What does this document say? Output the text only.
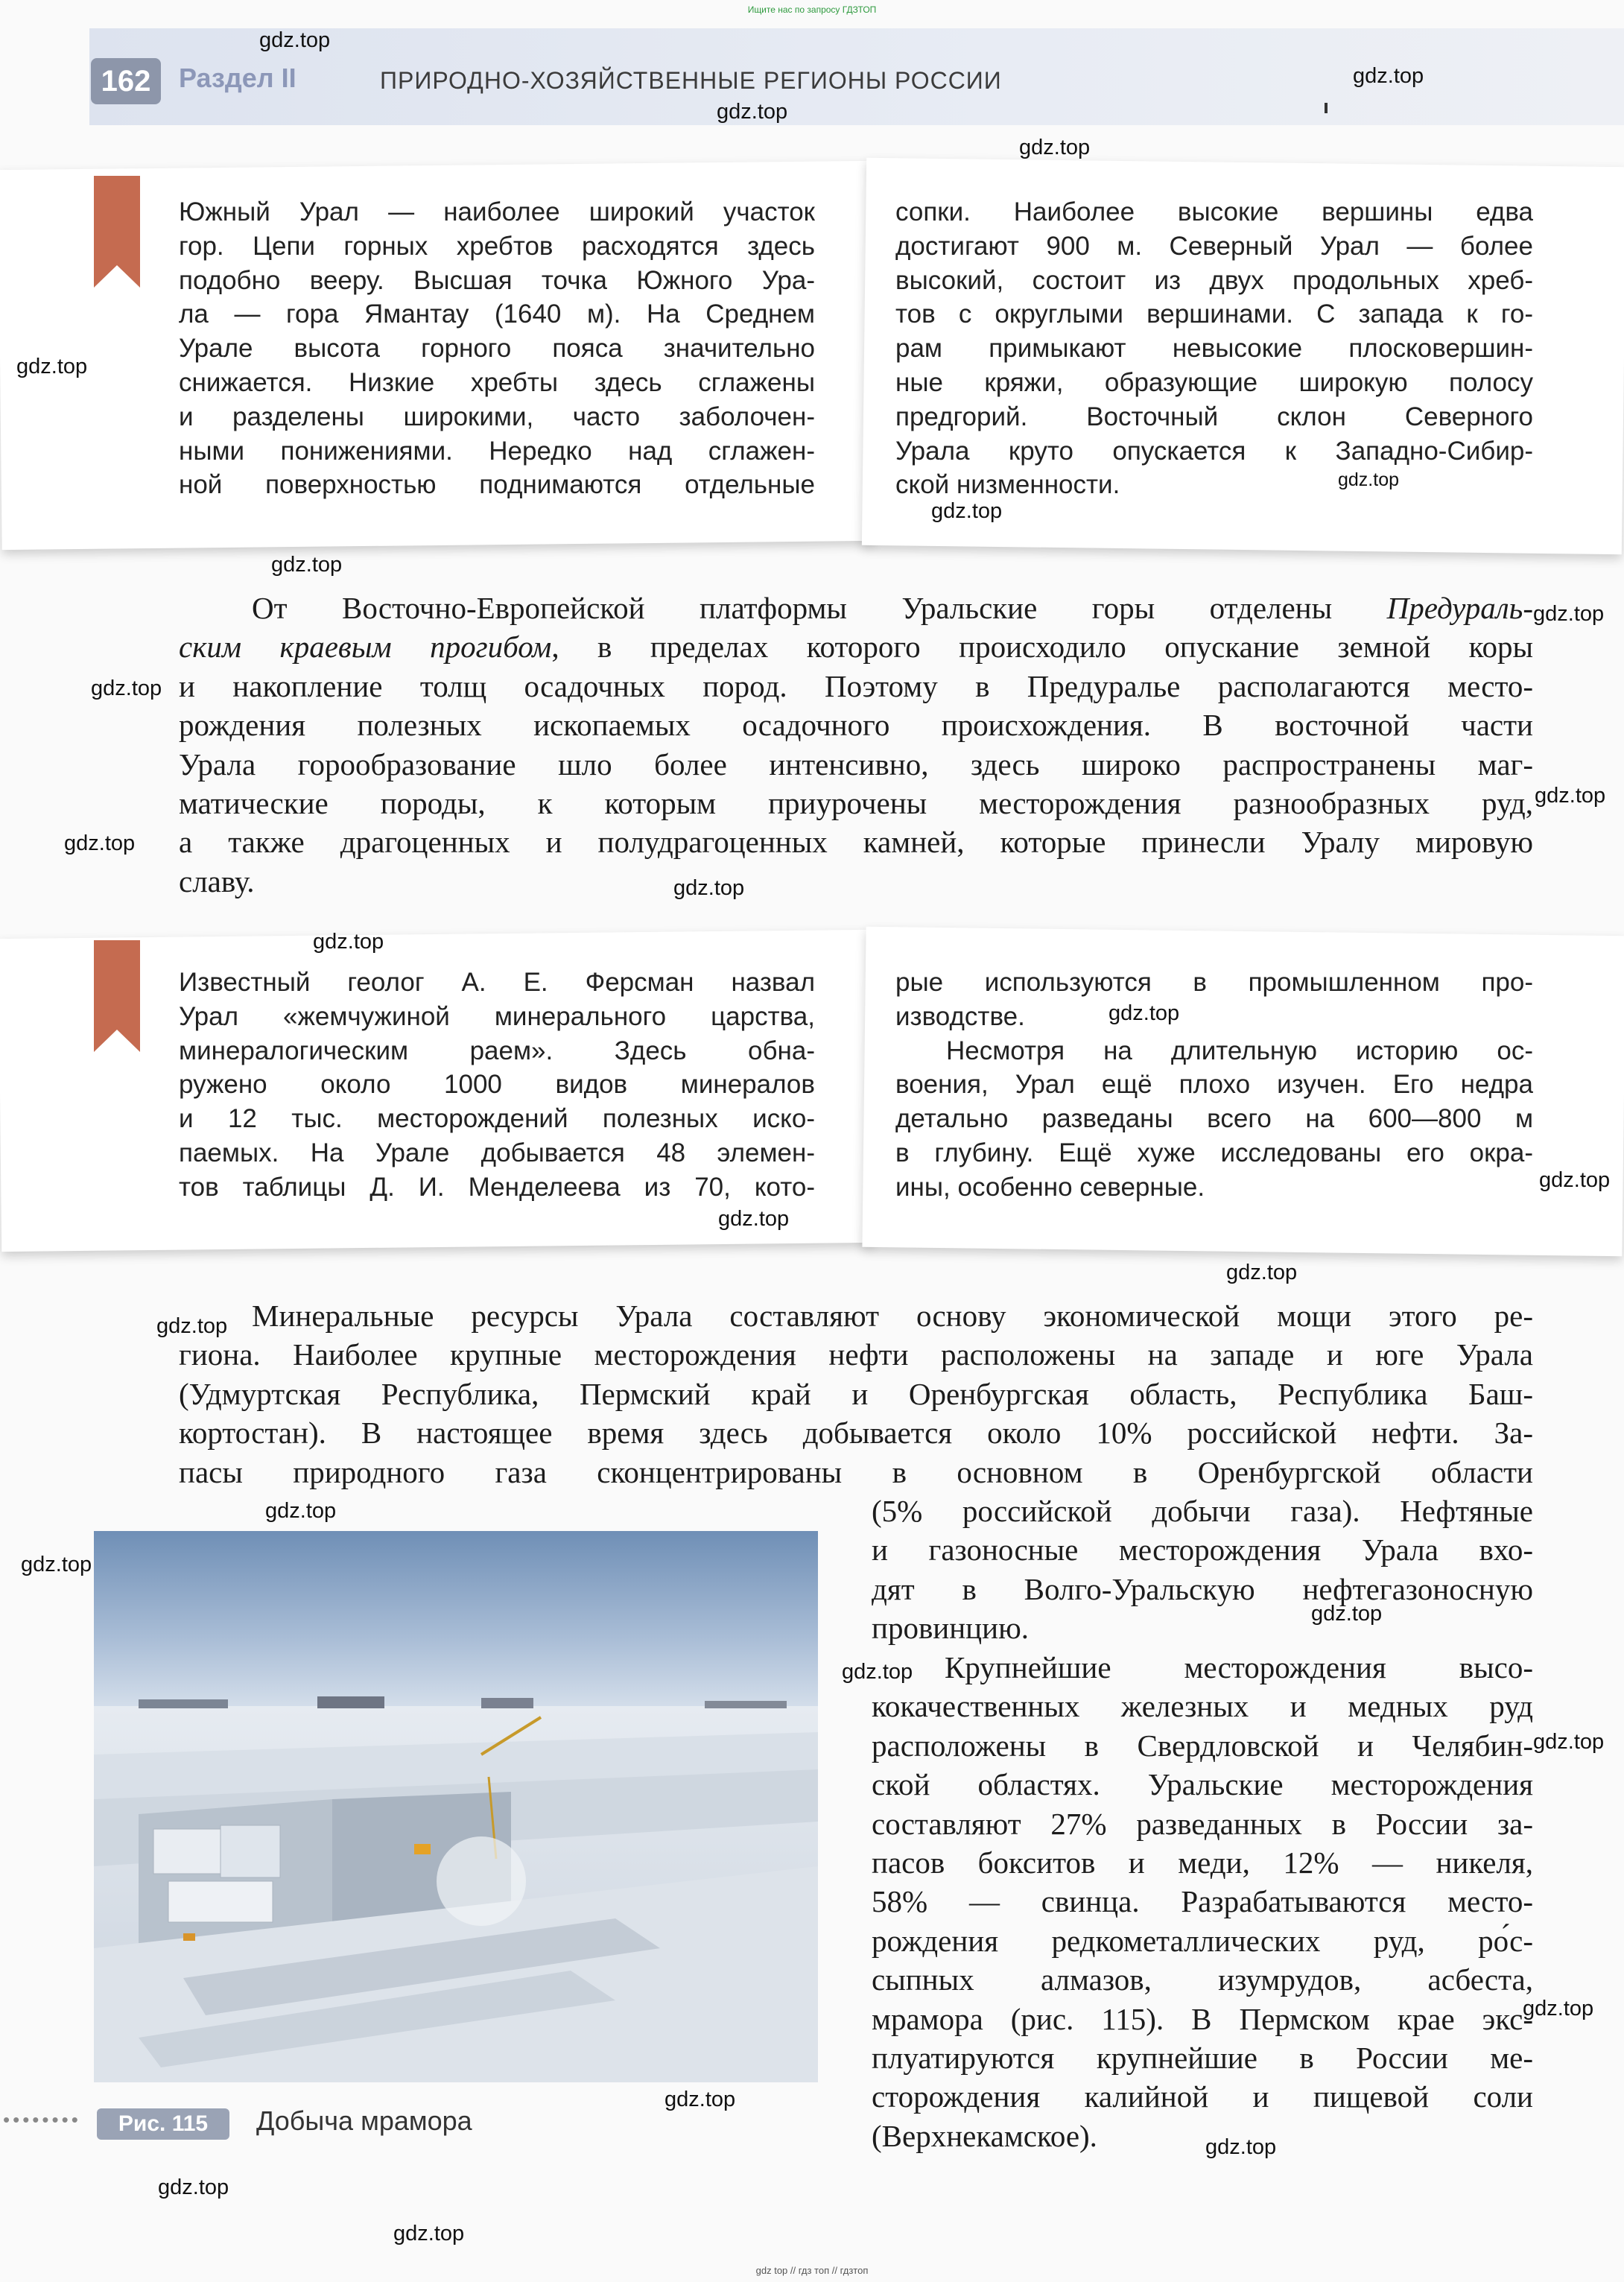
Ищите нас по запросу ГДЗТОП
162	Раздел II	ПРИРОДНО-ХОЗЯЙСТВЕННЫЕ РЕГИОНЫ РОССИИ
Южный Урал — наиболее широкий участок
гор. Цепи горных хребтов расходятся здесь
подобно вееру. Высшая точка Южного Ура-
ла — гора Ямантау (1640 м). На Среднем
Урале высота горного пояса значительно
снижается. Низкие хребты здесь сглажены
и разделены широкими, часто заболочен-
ными понижениями. Нередко над сглажен-
ной поверхностью поднимаются отдельные
сопки. Наиболее высокие вершины едва
достигают 900 м. Северный Урал — более
высокий, состоит из двух продольных хреб-
тов с округлыми вершинами. С запада к го-
рам примыкают невысокие плосковершин-
ные кряжи, образующие широкую полосу
предгорий. Восточный склон Северного
Урала круто опускается к Западно-Сибир-
ской низменности.
От Восточно-Европейской платформы Уральские горы отделены Предураль-
ским краевым прогибом, в пределах которого происходило опускание земной коры
и накопление толщ осадочных пород. Поэтому в Предуралье располагаются место-
рождения полезных ископаемых осадочного происхождения. В восточной части
Урала горообразование шло более интенсивно, здесь широко распространены маг-
матические породы, к которым приурочены месторождения разнообразных руд,
а также драгоценных и полудрагоценных камней, которые принесли Уралу мировую
славу.
Известный геолог А. Е. Ферсман назвал
Урал «жемчужиной минерального царства,
минералогическим раем». Здесь обна-
ружено около 1000 видов минералов
и 12 тыс. месторождений полезных иско-
паемых. На Урале добывается 48 элемен-
тов таблицы Д. И. Менделеева из 70, кото-
рые используются в промышленном про-
изводстве.
Несмотря на длительную историю ос-
воения, Урал ещё плохо изучен. Его недра
детально разведаны всего на 600—800 м
в глубину. Ещё хуже исследованы его окра-
ины, особенно северные.
Минеральные ресурсы Урала составляют основу экономической мощи этого ре-
гиона. Наиболее крупные месторождения нефти расположены на западе и юге Урала
(Удмуртская Республика, Пермский край и Оренбургская область, Республика Баш-
кортостан). В настоящее время здесь добывается около 10% российской нефти. За-
пасы природного газа сконцентрированы в основном в Оренбургской области
(5% российской добычи газа). Нефтяные
и газоносные месторождения Урала вхо-
дят в Волго-Уральскую нефтегазоносную
провинцию.
Крупнейшие месторождения высо-
кокачественных железных и медных руд
расположены в Свердловской и Челябин-
ской областях. Уральские месторождения
составляют 27% разведанных в России за-
пасов бокситов и меди, 12% — никеля,
58% — свинца. Разрабатываются место-
рождения редкометаллических руд, ро́с-
сыпных алмазов, изумрудов, асбеста,
мрамора (рис. 115). В Пермском крае экс-
плуатируются крупнейшие в России ме-
сторождения калийной и пищевой соли
(Верхнекамское).
••••••••	Рис. 115	Добыча мрамора
gdz.top
gdz.top
gdz.top
gdz.top
gdz.top
gdz.top
gdz.top
gdz.top
gdz.top
gdz.top
gdz.top
gdz.top
gdz.top
gdz.top
gdz.top
gdz.top
gdz.top
gdz.top
gdz.top
gdz.top
gdz.top
gdz.top
gdz.top
gdz.top
gdz.top
gdz.top
gdz.top
gdz.top
gdz.top
gdz top // гдз топ // гдзтоп
